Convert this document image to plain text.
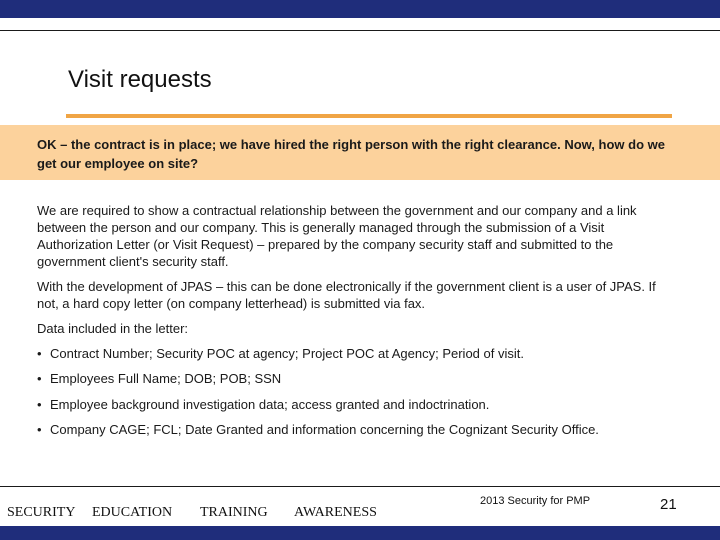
Visit requests
OK – the contract is in place; we have hired the right person with the right clearance. Now, how do we get our employee on site?
We are required to show a contractual relationship between the government and our company and a link between the person and our company. This is generally managed through the submission of a Visit Authorization Letter (or Visit Request) – prepared by the company security staff and submitted to the government client's security staff.
With the development of JPAS – this can be done electronically if the government client is a user of JPAS. If not, a hard copy letter (on company letterhead) is submitted via fax.
Data included in the letter:
• Contract Number; Security POC at agency; Project POC at Agency; Period of visit.
• Employees Full Name; DOB; POB; SSN
• Employee background investigation data; access granted and indoctrination.
• Company CAGE; FCL; Date Granted and information concerning the Cognizant Security Office.
SECURITY EDUCATION TRAINING AWARENESS
2013 Security for PMP	21
